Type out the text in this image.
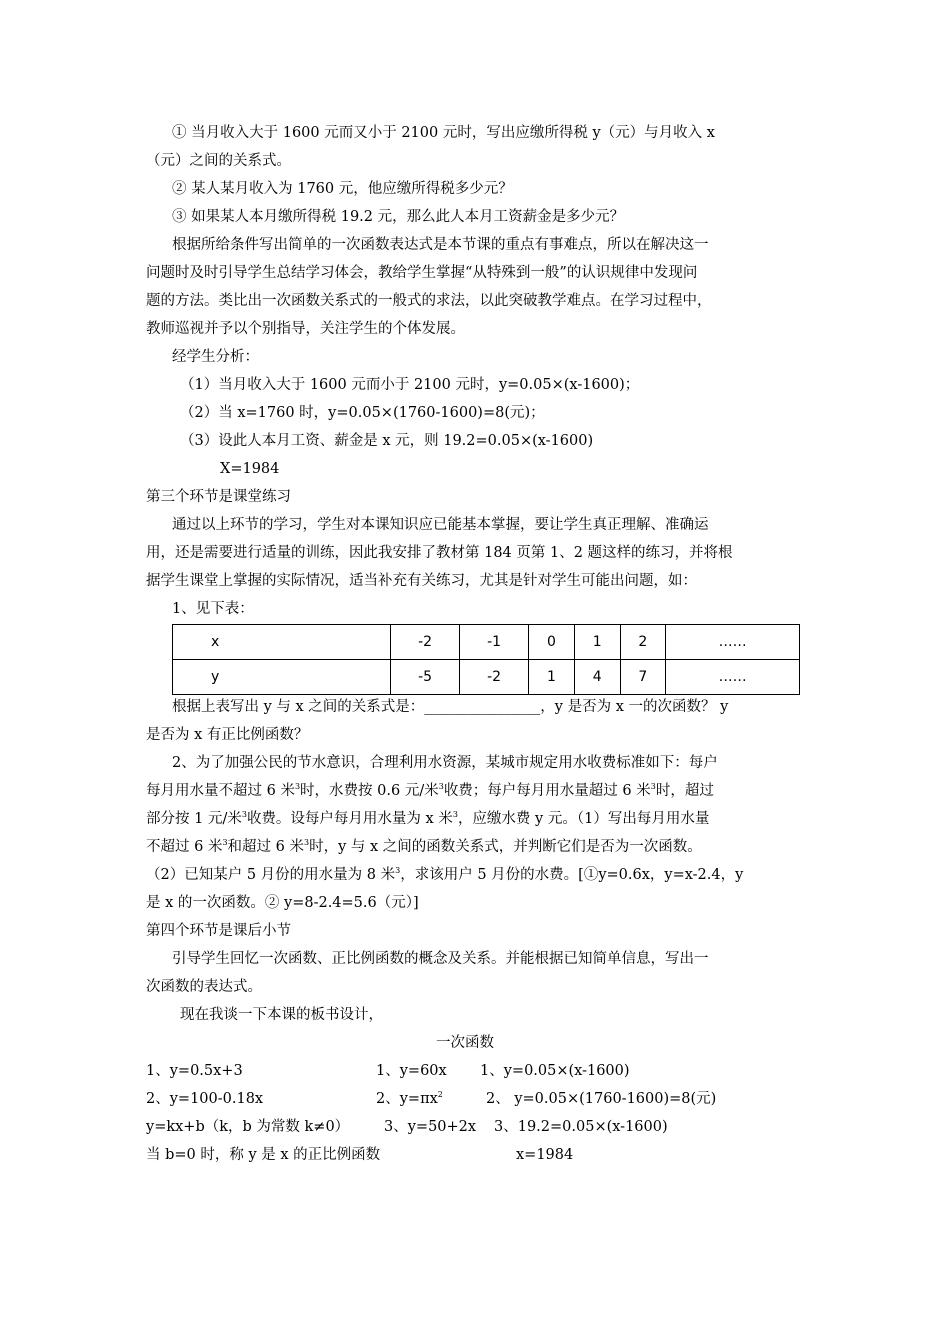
① 当月收入大于 1600 元而又小于 2100 元时，写出应缴所得税 y（元）与月收入 x
（元）之间的关系式。
② 某人某月收入为 1760 元，他应缴所得税多少元？
③ 如果某人本月缴所得税 19.2 元，那么此人本月工资薪金是多少元？
根据所给条件写出简单的一次函数表达式是本节课的重点有事难点，所以在解决这一
问题时及时引导学生总结学习体会，教给学生掌握“从特殊到一般”的认识规律中发现问
题的方法。类比出一次函数关系式的一般式的求法，以此突破教学难点。在学习过程中，
教师巡视并予以个别指导，关注学生的个体发展。
经学生分析：
（1）当月收入大于 1600 元而小于 2100 元时，y=0.05×(x-1600)；
（2）当 x=1760 时，y=0.05×(1760-1600)=8(元)；
（3）设此人本月工资、薪金是 x 元，则 19.2=0.05×(x-1600)
X=1984
第三个环节是课堂练习
通过以上环节的学习，学生对本课知识应已能基本掌握，要让学生真正理解、准确运
用，还是需要进行适量的训练，因此我安排了教材第 184 页第 1、2 题这样的练习，并将根
据学生课堂上掌握的实际情况，适当补充有关练习，尤其是针对学生可能出问题，如：
1、见下表：
x	-2	-1	0	1	2	……
y	-5	-2	1	4	7	……
根据上表写出 y 与 x 之间的关系式是：________________，y 是否为 x 一的次函数？ y
是否为 x 有正比例函数？
2、为了加强公民的节水意识，合理利用水资源，某城市规定用水收费标准如下：每户
每月用水量不超过 6 米$^3$时，水费按 0.6 元/米$^3$收费；每户每月用水量超过 6 米$^3$时，超过
部分按 1 元/米$^3$收费。设每户每月用水量为 x 米$^3$，应缴水费 y 元。（1）写出每月用水量
不超过 6 米$^3$和超过 6 米$^3$时，y 与 x 之间的函数关系式，并判断它们是否为一次函数。
（2）已知某户 5 月份的用水量为 8 米$^3$，求该用户 5 月份的水费。[①y=0.6x，y=x-2.4，y
是 x 的一次函数。② y=8-2.4=5.6（元）]
第四个环节是课后小节
引导学生回忆一次函数、正比例函数的概念及关系。并能根据已知简单信息，写出一
次函数的表达式。
现在我谈一下本课的板书设计，
一次函数
1、y=0.5x+3
2、y=100-0.18x
y=kx+b（k，b 为常数 k≠0）
当 b=0 时，称 y 是 x 的正比例函数
1、y=60x
2、$y=\pi x^2$
3、y=50+2x
1、y=0.05×(x-1600)
2、 y=0.05×(1760-1600)=8(元)
3、19.2=0.05×(x-1600)
x=1984
